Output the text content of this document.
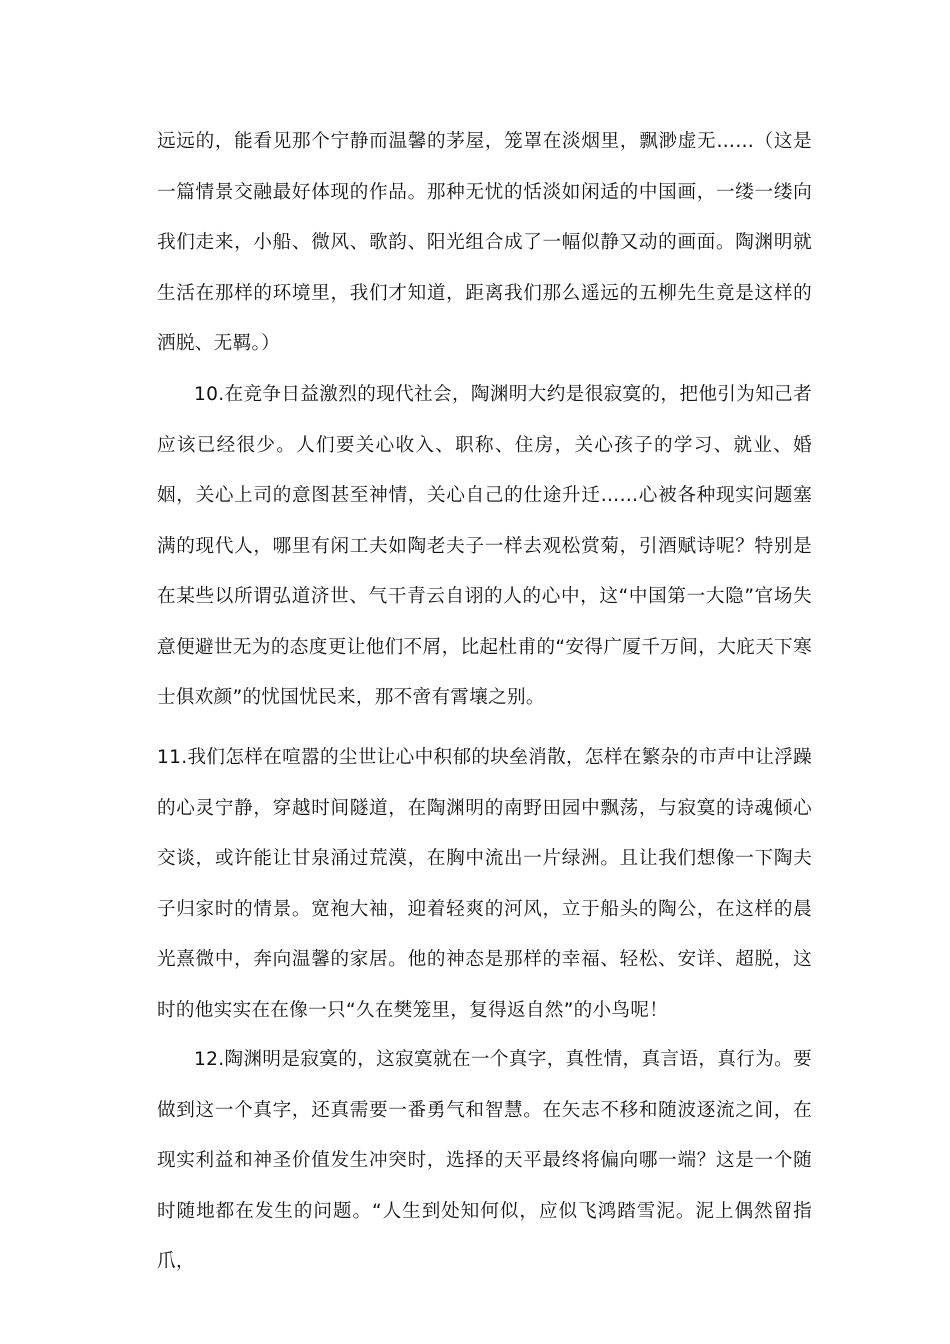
远远的，能看见那个宁静而温馨的茅屋，笼罩在淡烟里，飘渺虚无……（这是一篇情景交融最好体现的作品。那种无忧的恬淡如闲适的中国画，一缕一缕向我们走来，小船、微风、歌韵、阳光组合成了一幅似静又动的画面。陶渊明就生活在那样的环境里，我们才知道，距离我们那么遥远的五柳先生竟是这样的洒脱、无羁。）

10.在竞争日益激烈的现代社会，陶渊明大约是很寂寞的，把他引为知己者应该已经很少。人们要关心收入、职称、住房，关心孩子的学习、就业、婚姻，关心上司的意图甚至神情，关心自己的仕途升迁……心被各种现实问题塞满的现代人，哪里有闲工夫如陶老夫子一样去观松赏菊，引酒赋诗呢？特别是在某些以所谓弘道济世、气干青云自诩的人的心中，这“中国第一大隐”官场失意便避世无为的态度更让他们不屑，比起杜甫的“安得广厦千万间，大庇天下寒士俱欢颜”的忧国忧民来，那不啻有霄壤之别。

11.我们怎样在喧嚣的尘世让心中积郁的块垒消散，怎样在繁杂的市声中让浮躁的心灵宁静，穿越时间隧道，在陶渊明的南野田园中飘荡，与寂寞的诗魂倾心交谈，或许能让甘泉涌过荒漠，在胸中流出一片绿洲。且让我们想像一下陶夫子归家时的情景。宽袍大袖，迎着轻爽的河风，立于船头的陶公，在这样的晨光熹微中，奔向温馨的家居。他的神态是那样的幸福、轻松、安详、超脱，这时的他实实在在像一只“久在樊笼里，复得返自然”的小鸟呢！

12.陶渊明是寂寞的，这寂寞就在一个真字，真性情，真言语，真行为。要做到这一个真字，还真需要一番勇气和智慧。在矢志不移和随波逐流之间，在现实利益和神圣价值发生冲突时，选择的天平最终将偏向哪一端？这是一个随时随地都在发生的问题。“人生到处知何似，应似飞鸿踏雪泥。泥上偶然留指爪，
